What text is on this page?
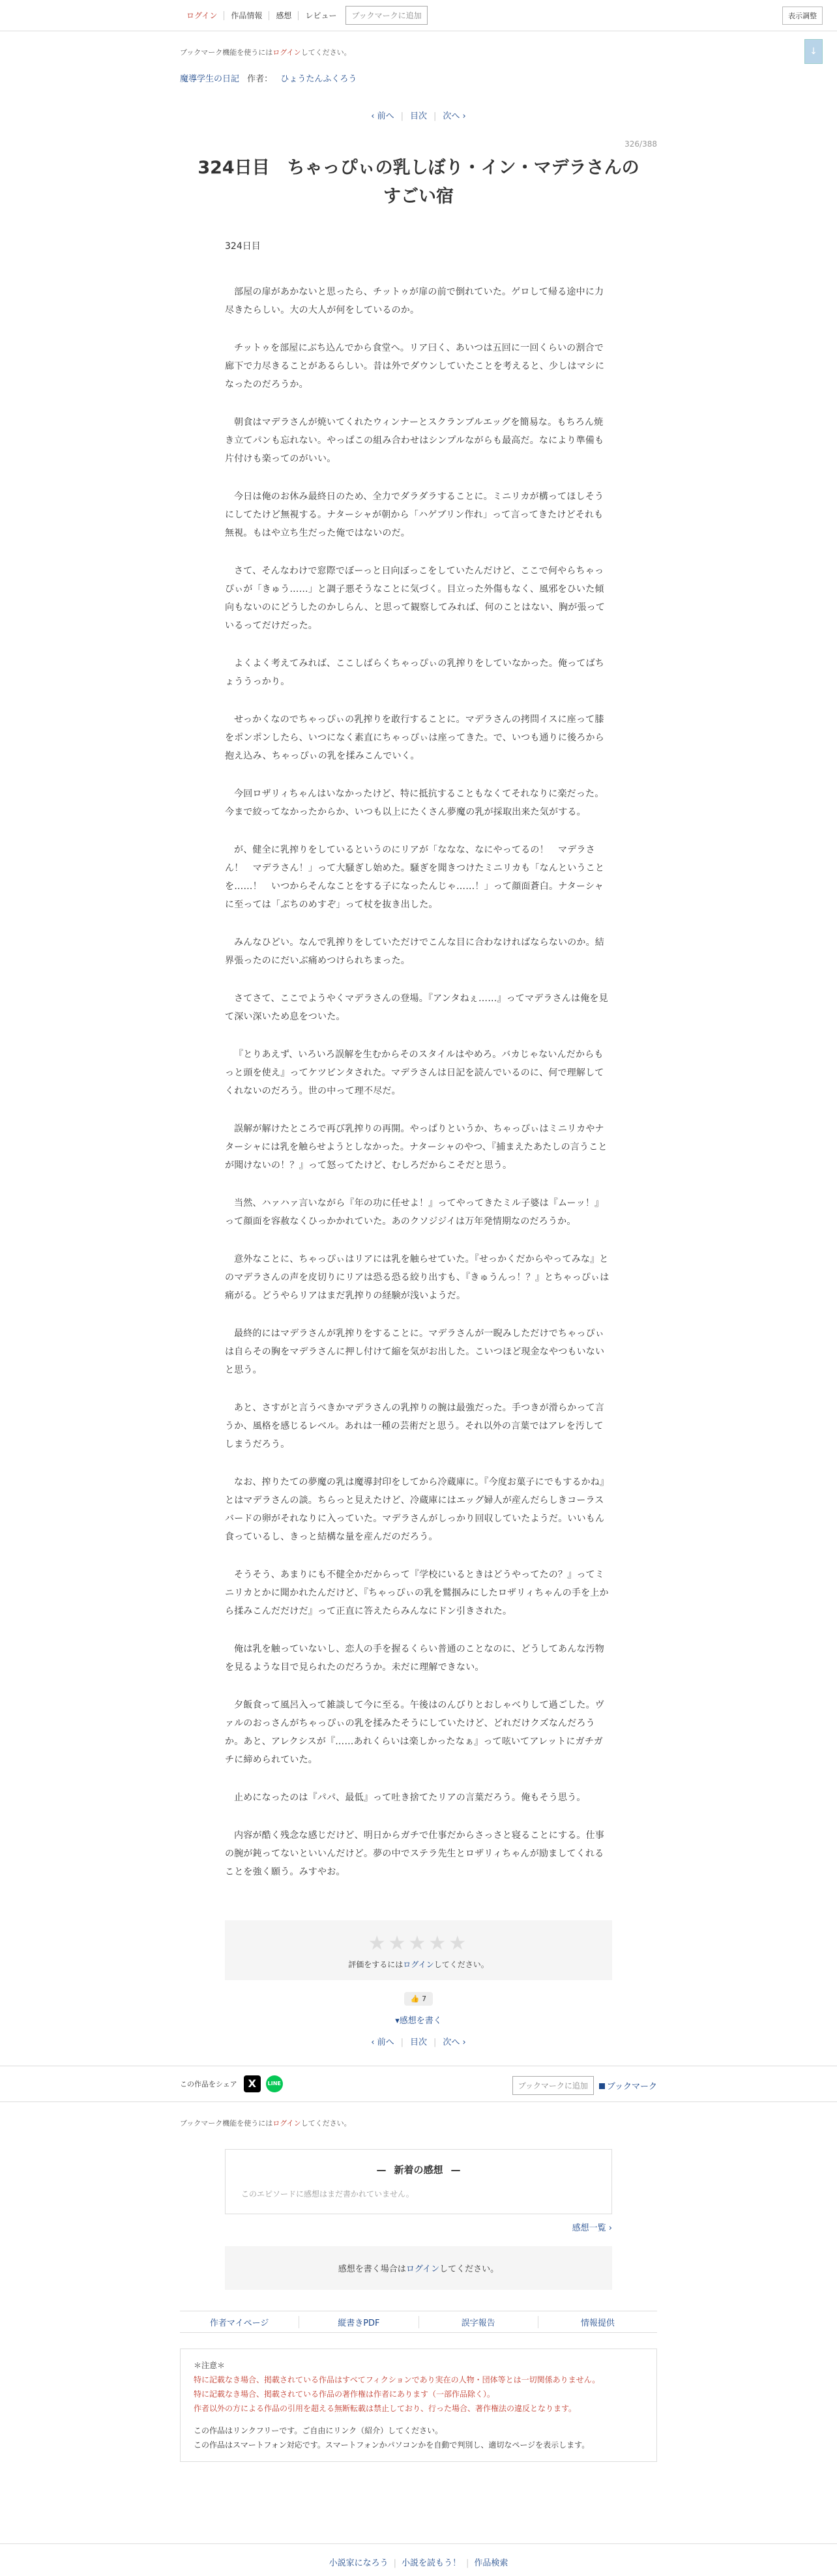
ログイン	作品情報	感想	レビュー	ブックマークに追加	表示調整
↓
ブックマーク機能を使うにはログインしてください。
魔導学生の日記 作者： ひょうたんふくろう
‹ 前へ | 目次 | 次へ ›
326/388
324日目　ちゃっぴぃの乳しぼり・イン・マデラさんのすごい宿
324日目

部屋の扉があかないと思ったら、チットゥが扉の前で倒れていた。ゲロして帰る途中に力尽きたらしい。大の大人が何をしているのか。

チットゥを部屋にぶち込んでから食堂へ。リア曰く、あいつは五回に一回くらいの割合で廊下で力尽きることがあるらしい。昔は外でダウンしていたことを考えると、少しはマシになったのだろうか。

朝食はマデラさんが焼いてくれたウィンナーとスクランブルエッグを簡易な。もちろん焼き立てパンも忘れない。やっぱこの組み合わせはシンプルながらも最高だ。なにより準備も片付けも楽ってのがいい。

今日は俺のお休み最終日のため、全力でダラダラすることに。ミニリカが構ってほしそうにしてたけど無視する。ナターシャが朝から「ハゲブリン作れ」って言ってきたけどそれも無視。もはや立ち生だった俺ではないのだ。

さて、そんなわけで窓際でぼーっと日向ぼっこをしていたんだけど、ここで何やらちゃっぴぃが「きゅう……」と調子悪そうなことに気づく。目立った外傷もなく、風邪をひいた傾向もないのにどうしたのかしらん、と思って観察してみれば、何のことはない、胸が張っているってだけだった。

よくよく考えてみれば、ここしばらくちゃっぴぃの乳搾りをしていなかった。俺ってばちょううっかり。

せっかくなのでちゃっぴぃの乳搾りを敢行することに。マデラさんの拷問イスに座って膝をポンポンしたら、いつになく素直にちゃっぴぃは座ってきた。で、いつも通りに後ろから抱え込み、ちゃっぴぃの乳を揉みこんでいく。

今回ロザリィちゃんはいなかったけど、特に抵抗することもなくてそれなりに楽だった。今まで絞ってなかったからか、いつも以上にたくさん夢魔の乳が採取出来た気がする。

が、健全に乳搾りをしているというのにリアが「ななな、なにやってるの！　マデラさん！　マデラさん！」って大騒ぎし始めた。騒ぎを聞きつけたミニリカも「なんということを……！　いつからそんなことをする子になったんじゃ……！」って顔面蒼白。ナターシャに至っては「ぶちのめすぞ」って杖を抜き出した。

みんなひどい。なんで乳搾りをしていただけでこんな目に合わなければならないのか。結界張ったのにだいぶ痛めつけられちまった。

さてさて、ここでようやくマデラさんの登場。『アンタねぇ……』ってマデラさんは俺を見て深い深いため息をついた。

『とりあえず、いろいろ誤解を生むからそのスタイルはやめろ。バカじゃないんだからもっと頭を使え』ってケツビンタされた。マデラさんは日記を読んでいるのに、何で理解してくれないのだろう。世の中って理不尽だ。

誤解が解けたところで再び乳搾りの再開。やっぱりというか、ちゃっぴぃはミニリカやナターシャには乳を触らせようとしなかった。ナターシャのやつ、『捕まえたあたしの言うことが聞けないの！？』って怒ってたけど、むしろだからこそだと思う。

当然、ハァハァ言いながら『年の功に任せよ！』ってやってきたミル子婆は『ムーッ！』って顔面を容赦なくひっかかれていた。あのクソジジイは万年発情期なのだろうか。

意外なことに、ちゃっぴぃはリアには乳を触らせていた。『せっかくだからやってみな』とのマデラさんの声を皮切りにリアは恐る恐る絞り出すも、『きゅうんっ！？』とちゃっぴぃは痛がる。どうやらリアはまだ乳搾りの経験が浅いようだ。

最終的にはマデラさんが乳搾りをすることに。マデラさんが一睨みしただけでちゃっぴぃは自らその胸をマデラさんに押し付けて縮を気がお出した。こいつほど現金なやつもいないと思う。

あと、さすがと言うべきかマデラさんの乳搾りの腕は最強だった。手つきが滑らかって言うか、風格を感じるレベル。あれは一種の芸術だと思う。それ以外の言葉ではアレを汚してしまうだろう。

なお、搾りたての夢魔の乳は魔導封印をしてから冷蔵庫に。『今度お菓子にでもするかね』とはマデラさんの談。ちらっと見えたけど、冷蔵庫にはエッグ婦人が産んだらしきコーラスバードの卵がそれなりに入っていた。マデラさんがしっかり回収していたようだ。いいもん食っているし、きっと結構な量を産んだのだろう。

そうそう、あまりにも不健全かだからって『学校にいるときはどうやってたの？』ってミニリカとかに聞かれたんだけど、『ちゃっぴぃの乳を鷲掴みにしたロザリィちゃんの手を上から揉みこんだだけだ』って正直に答えたらみんなにドン引きされた。

俺は乳を触っていないし、恋人の手を握るくらい普通のことなのに、どうしてあんな汚物を見るような目で見られたのだろうか。未だに理解できない。

夕飯食って風呂入って雑談して今に至る。午後はのんびりとおしゃべりして過ごした。ヴァルのおっさんがちゃっぴぃの乳を揉みたそうにしていたけど、どれだけクズなんだろうか。あと、アレクシスが『……あれくらいは楽しかったなぁ』って呟いてアレットにガチガチに締められていた。

止めになったのは『パパ、最低』って吐き捨てたリアの言葉だろう。俺もそう思う。

内容が酷く残念な感じだけど、明日からガチで仕事だからさっさと寝ることにする。仕事の腕が鈍ってないといいんだけど。夢の中でステラ先生とロザリィちゃんが励ましてくれることを強く願う。みすやお。

★★★★★
評価をするにはログインしてください。
👍 7
▾感想を書く
‹ 前へ | 目次 | 次へ ›
この作品をシェア	X	LINE	ブックマークに追加	ブックマーク
ブックマーク機能を使うにはログインしてください。
— 新着の感想 —
このエピソードに感想はまだ書かれていません。
感想一覧 ›
感想を書く場合はログインしてください。
作者マイページ	縦書きPDF	誤字報告	情報提供
＊注意＊
特に記載なき場合、掲載されている作品はすべてフィクションであり実在の人物・団体等とは一切関係ありません。
特に記載なき場合、掲載されている作品の著作権は作者にあります（一部作品除く）。
作者以外の方による作品の引用を超える無断転載は禁止しており、行った場合、著作権法の違反となります。
この作品はリンクフリーです。ご自由にリンク（紹介）してください。
この作品はスマートフォン対応です。スマートフォンかパソコンかを自動で判別し、適切なページを表示します。
小説家になろう | 小説を読もう！ | 作品検索
